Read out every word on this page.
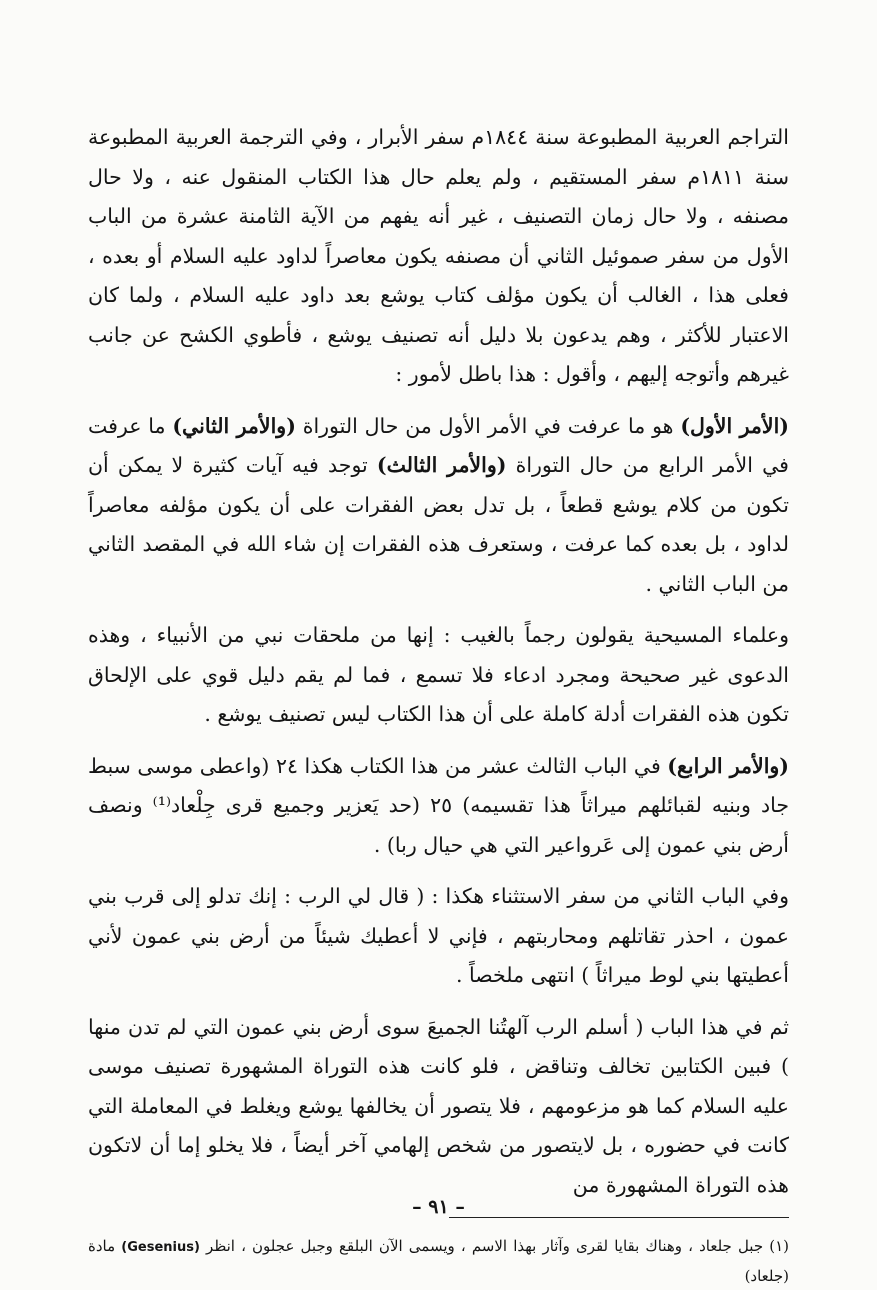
التراجم العربية المطبوعة سنة ١٨٤٤م سفر الأبرار ، وفي الترجمة العربية المطبوعة سنة ١٨١١م سفر المستقيم ، ولم يعلم حال هذا الكتاب المنقول عنه ، ولا حال مصنفه ، ولا حال زمان التصنيف ، غير أنه يفهم من الآية الثامنة عشرة من الباب الأول من سفر صموئيل الثاني أن مصنفه يكون معاصراً لداود عليه السلام أو بعده ، فعلى هذا ، الغالب أن يكون مؤلف كتاب يوشع بعد داود عليه السلام ، ولما كان الاعتبار للأكثر ، وهم يدعون بلا دليل أنه تصنيف يوشع ، فأطوي الكشح عن جانب غيرهم وأتوجه إليهم ، وأقول : هذا باطل لأمور :

(الأمر الأول) هو ما عرفت في الأمر الأول من حال التوراة (والأمر الثاني) ما عرفت في الأمر الرابع من حال التوراة (والأمر الثالث) توجد فيه آيات كثيرة لا يمكن أن تكون من كلام يوشع قطعاً ، بل تدل بعض الفقرات على أن يكون مؤلفه معاصراً لداود ، بل بعده كما عرفت ، وستعرف هذه الفقرات إن شاء الله في المقصد الثاني من الباب الثاني .

وعلماء المسيحية يقولون رجماً بالغيب : إنها من ملحقات نبي من الأنبياء ، وهذه الدعوى غير صحيحة ومجرد ادعاء فلا تسمع ، فما لم يقم دليل قوي على الإلحاق تكون هذه الفقرات أدلة كاملة على أن هذا الكتاب ليس تصنيف يوشع .

(والأمر الرابع) في الباب الثالث عشر من هذا الكتاب هكذا ٢٤ (واعطى موسى سبط جاد وبنيه لقبائلهم ميراثاً هذا تقسيمه) ٢٥ (حد يَعزير وجميع قرى جِلْعاد⁽¹⁾ ونصف أرض بني عمون إلى عَرواعير التي هي حيال ربا) .

وفي الباب الثاني من سفر الاستثناء هكذا : ( قال لي الرب : إنك تدلو إلى قرب بني عمون ، احذر تقاتلهم ومحاربتهم ، فإني لا أعطيك شيئاً من أرض بني عمون لأني أعطيتها بني لوط ميراثاً ) انتهى ملخصاً .

ثم في هذا الباب ( أسلم الرب آلهتُنا الجميعَ سوى أرض بني عمون التي لم تدن منها ) فبين الكتابين تخالف وتناقض ، فلو كانت هذه التوراة المشهورة تصنيف موسى عليه السلام كما هو مزعومهم ، فلا يتصور أن يخالفها يوشع ويغلط في المعاملة التي كانت في حضوره ، بل لايتصور من شخص إلهامي آخر أيضاً ، فلا يخلو إما أن لاتكون هذه التوراة المشهورة من

(١) جبل جلعاد ، وهناك بقايا لقرى وآثار بهذا الاسم ، ويسمى الآن البلقع وجبل عجلون ، انظر (Gesenius) مادة (جلعاد)

– ٩١ –
